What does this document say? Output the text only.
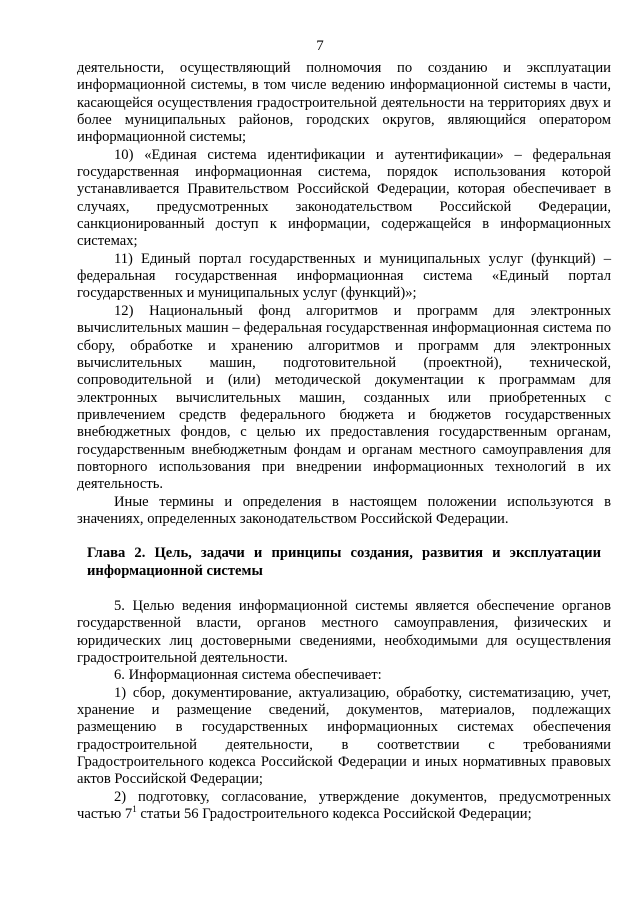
7

деятельности, осуществляющий полномочия по созданию и эксплуатации информационной системы, в том числе ведению информационной системы в части, касающейся осуществления градостроительной деятельности на территориях двух и более муниципальных районов, городских округов, являющийся оператором информационной системы;

10) «Единая система идентификации и аутентификации» – федеральная государственная информационная система, порядок использования которой устанавливается Правительством Российской Федерации, которая обеспечивает в случаях, предусмотренных законодательством Российской Федерации, санкционированный доступ к информации, содержащейся в информационных системах;

11) Единый портал государственных и муниципальных услуг (функций) – федеральная государственная информационная система «Единый портал государственных и муниципальных услуг (функций)»;

12) Национальный фонд алгоритмов и программ для электронных вычислительных машин – федеральная государственная информационная система по сбору, обработке и хранению алгоритмов и программ для электронных вычислительных машин, подготовительной (проектной), технической, сопроводительной и (или) методической документации к программам для электронных вычислительных машин, созданных или приобретенных с привлечением средств федерального бюджета и бюджетов государственных внебюджетных фондов, с целью их предоставления государственным органам, государственным внебюджетным фондам и органам местного самоуправления для повторного использования при внедрении информационных технологий в их деятельность.

Иные термины и определения в настоящем положении используются в значениях, определенных законодательством Российской Федерации.

Глава 2. Цель, задачи и принципы создания, развития и эксплуатации информационной системы

5. Целью ведения информационной системы является обеспечение органов государственной власти, органов местного самоуправления, физических и юридических лиц достоверными сведениями, необходимыми для осуществления градостроительной деятельности.

6. Информационная система обеспечивает:

1) сбор, документирование, актуализацию, обработку, систематизацию, учет, хранение и размещение сведений, документов, материалов, подлежащих размещению в государственных информационных системах обеспечения градостроительной деятельности, в соответствии с требованиями Градостроительного кодекса Российской Федерации и иных нормативных правовых актов Российской Федерации;

2) подготовку, согласование, утверждение документов, предусмотренных частью $7^1$ статьи 56 Градостроительного кодекса Российской Федерации;
